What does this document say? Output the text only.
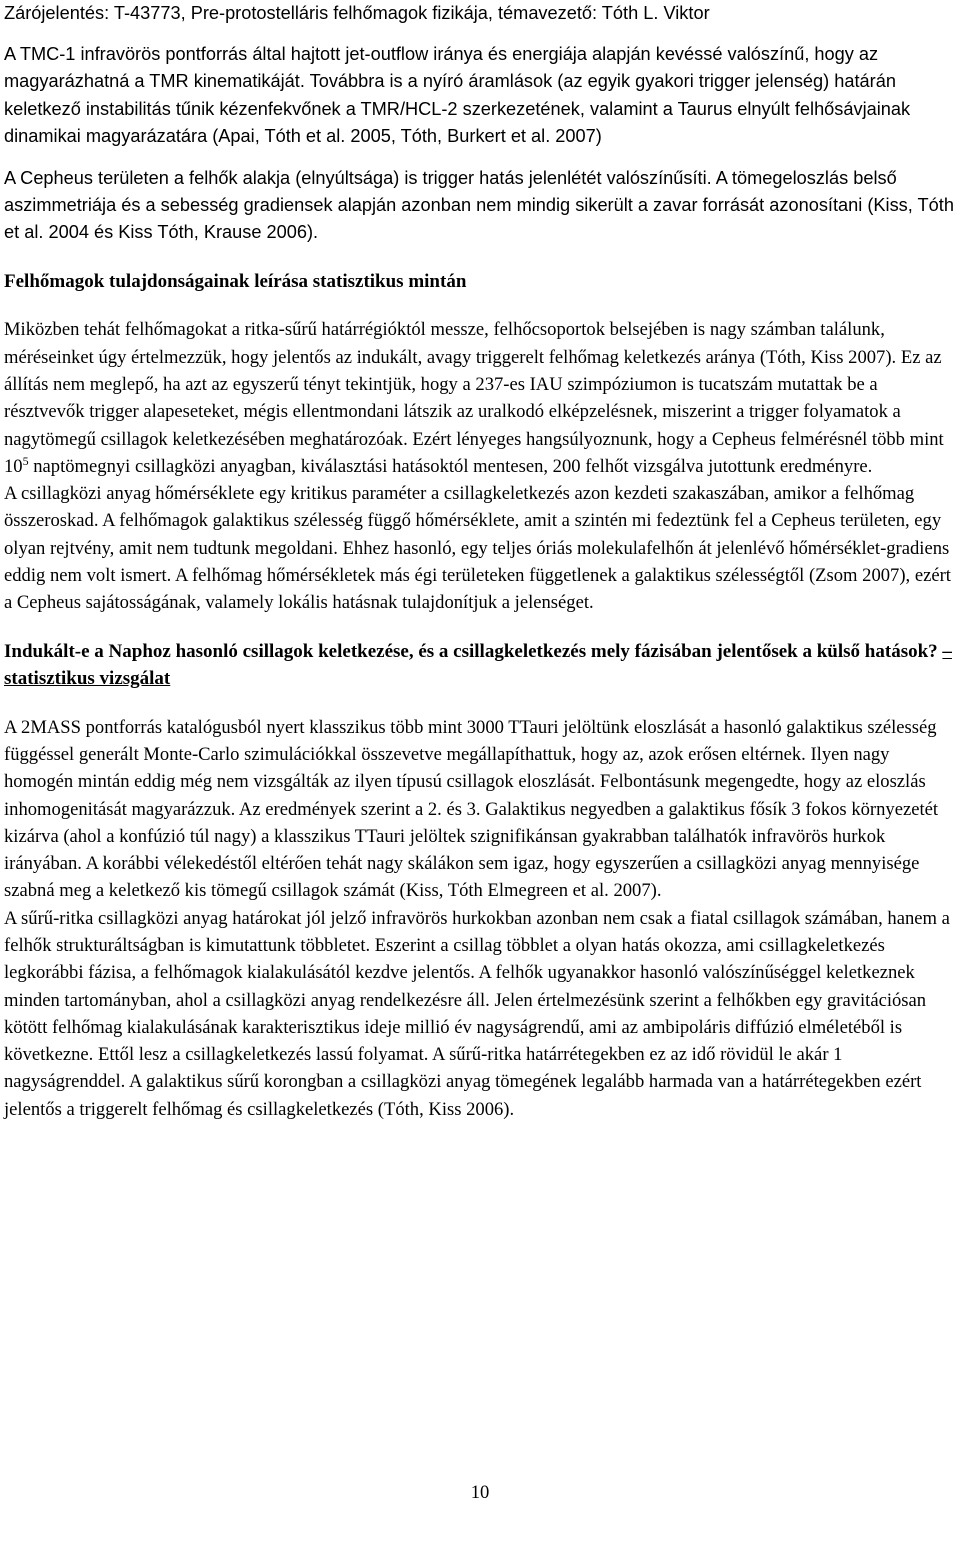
Zárójelentés: T-43773, Pre-protostelláris felhőmagok fizikája, témavezető: Tóth L. Viktor

A TMC-1 infravörös pontforrás által hajtott jet-outflow iránya és energiája alapján kevéssé valószínű, hogy az magyarázhatná a TMR kinematikáját. Továbbra is a nyíró áramlások (az egyik gyakori trigger jelenség) határán keletkező instabilitás tűnik kézenfekvőnek a TMR/HCL-2 szerkezetének, valamint a Taurus elnyúlt felhősávjainak dinamikai magyarázatára (Apai, Tóth et al. 2005, Tóth, Burkert et al. 2007)

A Cepheus területen a felhők alakja (elnyúltsága) is trigger hatás jelenlétét valószínűsíti. A tömegeloszlás belső aszimmetriája és a sebesség gradiensek alapján azonban nem mindig sikerült a zavar forrását azonosítani (Kiss, Tóth et al. 2004 és Kiss Tóth, Krause 2006).

Felhőmagok tulajdonságainak leírása statisztikus mintán

Miközben tehát felhőmagokat a ritka-sűrű határrégióktól messze, felhőcsoportok belsejében is nagy számban találunk, méréseinket úgy értelmezzük, hogy jelentős az indukált, avagy triggerelt felhőmag keletkezés aránya (Tóth, Kiss 2007). Ez az állítás nem meglepő, ha azt az egyszerű tényt tekintjük, hogy a 237-es IAU szimpóziumon is tucatszám mutattak be a résztvevők trigger alapeseteket, mégis ellentmondani látszik az uralkodó elképzelésnek, miszerint a trigger folyamatok a nagytömegű csillagok keletkezésében meghatározóak. Ezért lényeges hangsúlyoznunk, hogy a Cepheus felmérésnél több mint $10^5$ naptömegnyi csillagközi anyagban, kiválasztási hatásoktól mentesen, 200 felhőt vizsgálva jutottunk eredményre.

A csillagközi anyag hőmérséklete egy kritikus paraméter a csillagkeletkezés azon kezdeti szakaszában, amikor a felhőmag összeroskad. A felhőmagok galaktikus szélesség függő hőmérséklete, amit a szintén mi fedeztünk fel a Cepheus területen, egy olyan rejtvény, amit nem tudtunk megoldani. Ehhez hasonló, egy teljes óriás molekulafelhőn át jelenlévő hőmérséklet-gradiens eddig nem volt ismert. A felhőmag hőmérsékletek más égi területeken függetlenek a galaktikus szélességtől (Zsom 2007), ezért a Cepheus sajátosságának, valamely lokális hatásnak tulajdonítjuk a jelenséget.

Indukált-e a Naphoz hasonló csillagok keletkezése, és a csillagkeletkezés mely fázisában jelentősek a külső hatások? – statisztikus vizsgálat

A 2MASS pontforrás katalógusból nyert klasszikus több mint 3000 TTauri jelöltünk eloszlását a hasonló galaktikus szélesség függéssel generált Monte-Carlo szimulációkkal összevetve megállapíthattuk, hogy az, azok erősen eltérnek. Ilyen nagy homogén mintán eddig még nem vizsgálták az ilyen típusú csillagok eloszlását. Felbontásunk megengedte, hogy az eloszlás inhomogenitását magyarázzuk. Az eredmények szerint a 2. és 3. Galaktikus negyedben a galaktikus fősík 3 fokos környezetét kizárva (ahol a konfúzió túl nagy) a klasszikus TTauri jelöltek szignifikánsan gyakrabban találhatók infravörös hurkok irányában. A korábbi vélekedéstől eltérően tehát nagy skálákon sem igaz, hogy egyszerűen a csillagközi anyag mennyisége szabná meg a keletkező kis tömegű csillagok számát (Kiss, Tóth Elmegreen et al. 2007).

A sűrű-ritka csillagközi anyag határokat jól jelző infravörös hurkokban azonban nem csak a fiatal csillagok számában, hanem a felhők strukturáltságban is kimutattunk többletet. Eszerint a csillag többlet a olyan hatás okozza, ami csillagkeletkezés legkorábbi fázisa, a felhőmagok kialakulásától kezdve jelentős. A felhők ugyanakkor hasonló valószínűséggel keletkeznek minden tartományban, ahol a csillagközi anyag rendelkezésre áll. Jelen értelmezésünk szerint a felhőkben egy gravitációsan kötött felhőmag kialakulásának karakterisztikus ideje millió év nagyságrendű, ami az ambipoláris diffúzió elméletéből is következne. Ettől lesz a csillagkeletkezés lassú folyamat. A sűrű-ritka határrétegekben ez az idő rövidül le akár 1 nagyságrenddel. A galaktikus sűrű korongban a csillagközi anyag tömegének legalább harmada van a határrétegekben ezért jelentős a triggerelt felhőmag és csillagkeletkezés (Tóth, Kiss 2006).

10
